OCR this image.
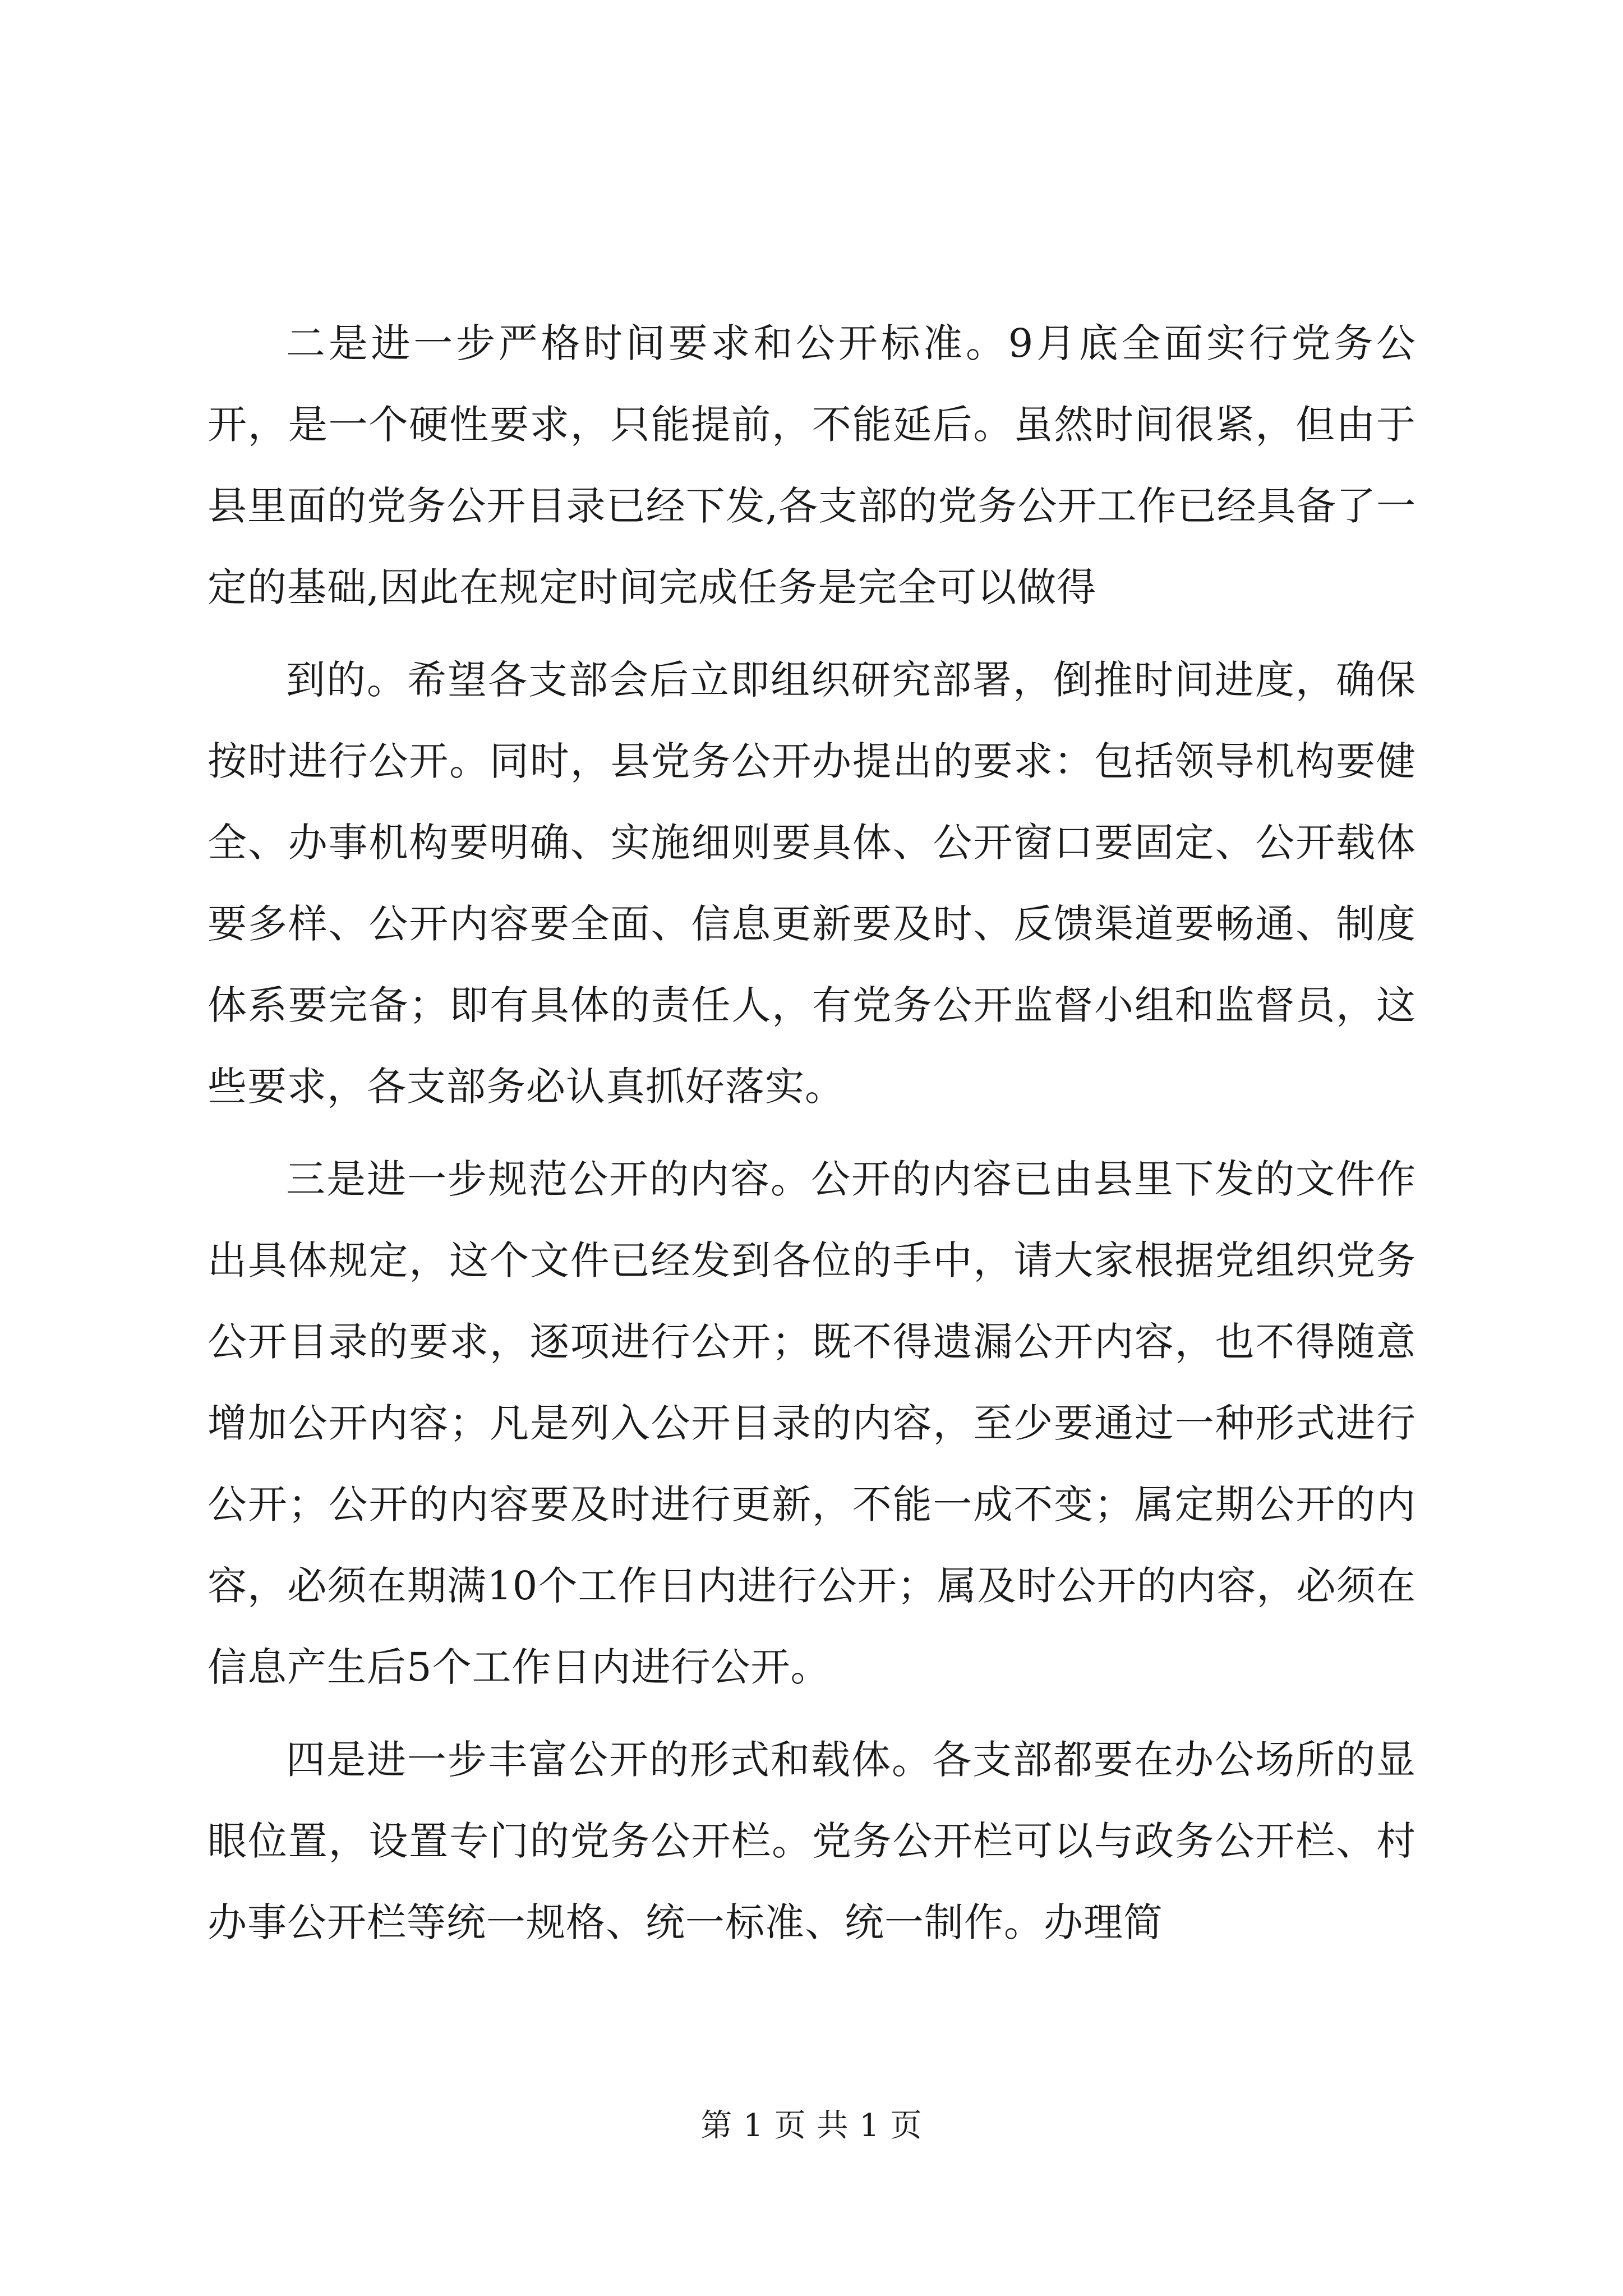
二是进一步严格时间要求和公开标准。9月底全面实行党务公开，是一个硬性要求，只能提前，不能延后。虽然时间很紧，但由于县里面的党务公开目录已经下发,各支部的党务公开工作已经具备了一定的基础,因此在规定时间完成任务是完全可以做得

到的。希望各支部会后立即组织研究部署，倒推时间进度，确保按时进行公开。同时，县党务公开办提出的要求：包括领导机构要健全、办事机构要明确、实施细则要具体、公开窗口要固定、公开载体要多样、公开内容要全面、信息更新要及时、反馈渠道要畅通、制度体系要完备；即有具体的责任人，有党务公开监督小组和监督员，这些要求，各支部务必认真抓好落实。

三是进一步规范公开的内容。公开的内容已由县里下发的文件作出具体规定，这个文件已经发到各位的手中，请大家根据党组织党务公开目录的要求，逐项进行公开；既不得遗漏公开内容，也不得随意增加公开内容；凡是列入公开目录的内容，至少要通过一种形式进行公开；公开的内容要及时进行更新，不能一成不变；属定期公开的内容，必须在期满10个工作日内进行公开；属及时公开的内容，必须在信息产生后5个工作日内进行公开。

四是进一步丰富公开的形式和载体。各支部都要在办公场所的显眼位置，设置专门的党务公开栏。党务公开栏可以与政务公开栏、村办事公开栏等统一规格、统一标准、统一制作。办理简

第 1 页 共 1 页
